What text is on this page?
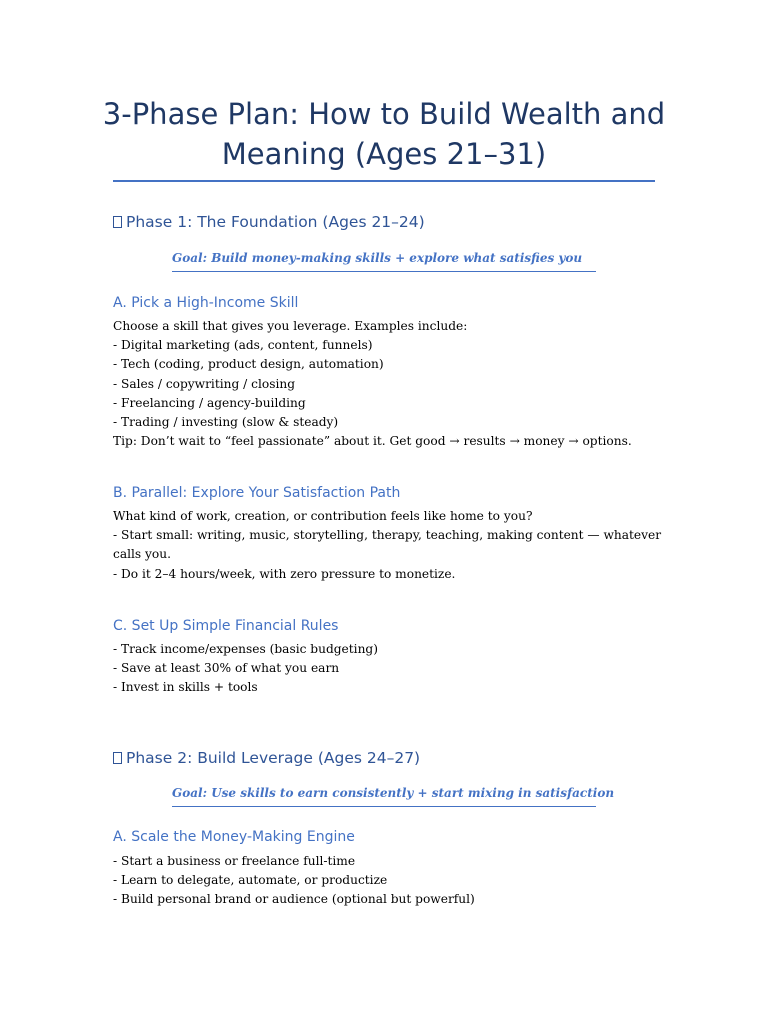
3-Phase Plan: How to Build Wealth and Meaning (Ages 21–31)
Phase 1: The Foundation (Ages 21–24)
Goal: Build money-making skills + explore what satisfies you
A. Pick a High-Income Skill
Choose a skill that gives you leverage. Examples include:
- Digital marketing (ads, content, funnels)
- Tech (coding, product design, automation)
- Sales / copywriting / closing
- Freelancing / agency-building
- Trading / investing (slow & steady)
Tip: Don’t wait to “feel passionate” about it. Get good → results → money → options.
B. Parallel: Explore Your Satisfaction Path
What kind of work, creation, or contribution feels like home to you?
- Start small: writing, music, storytelling, therapy, teaching, making content — whatever
calls you.
- Do it 2–4 hours/week, with zero pressure to monetize.
C. Set Up Simple Financial Rules
- Track income/expenses (basic budgeting)
- Save at least 30% of what you earn
- Invest in skills + tools
Phase 2: Build Leverage (Ages 24–27)
Goal: Use skills to earn consistently + start mixing in satisfaction
A. Scale the Money-Making Engine
- Start a business or freelance full-time
- Learn to delegate, automate, or productize
- Build personal brand or audience (optional but powerful)
